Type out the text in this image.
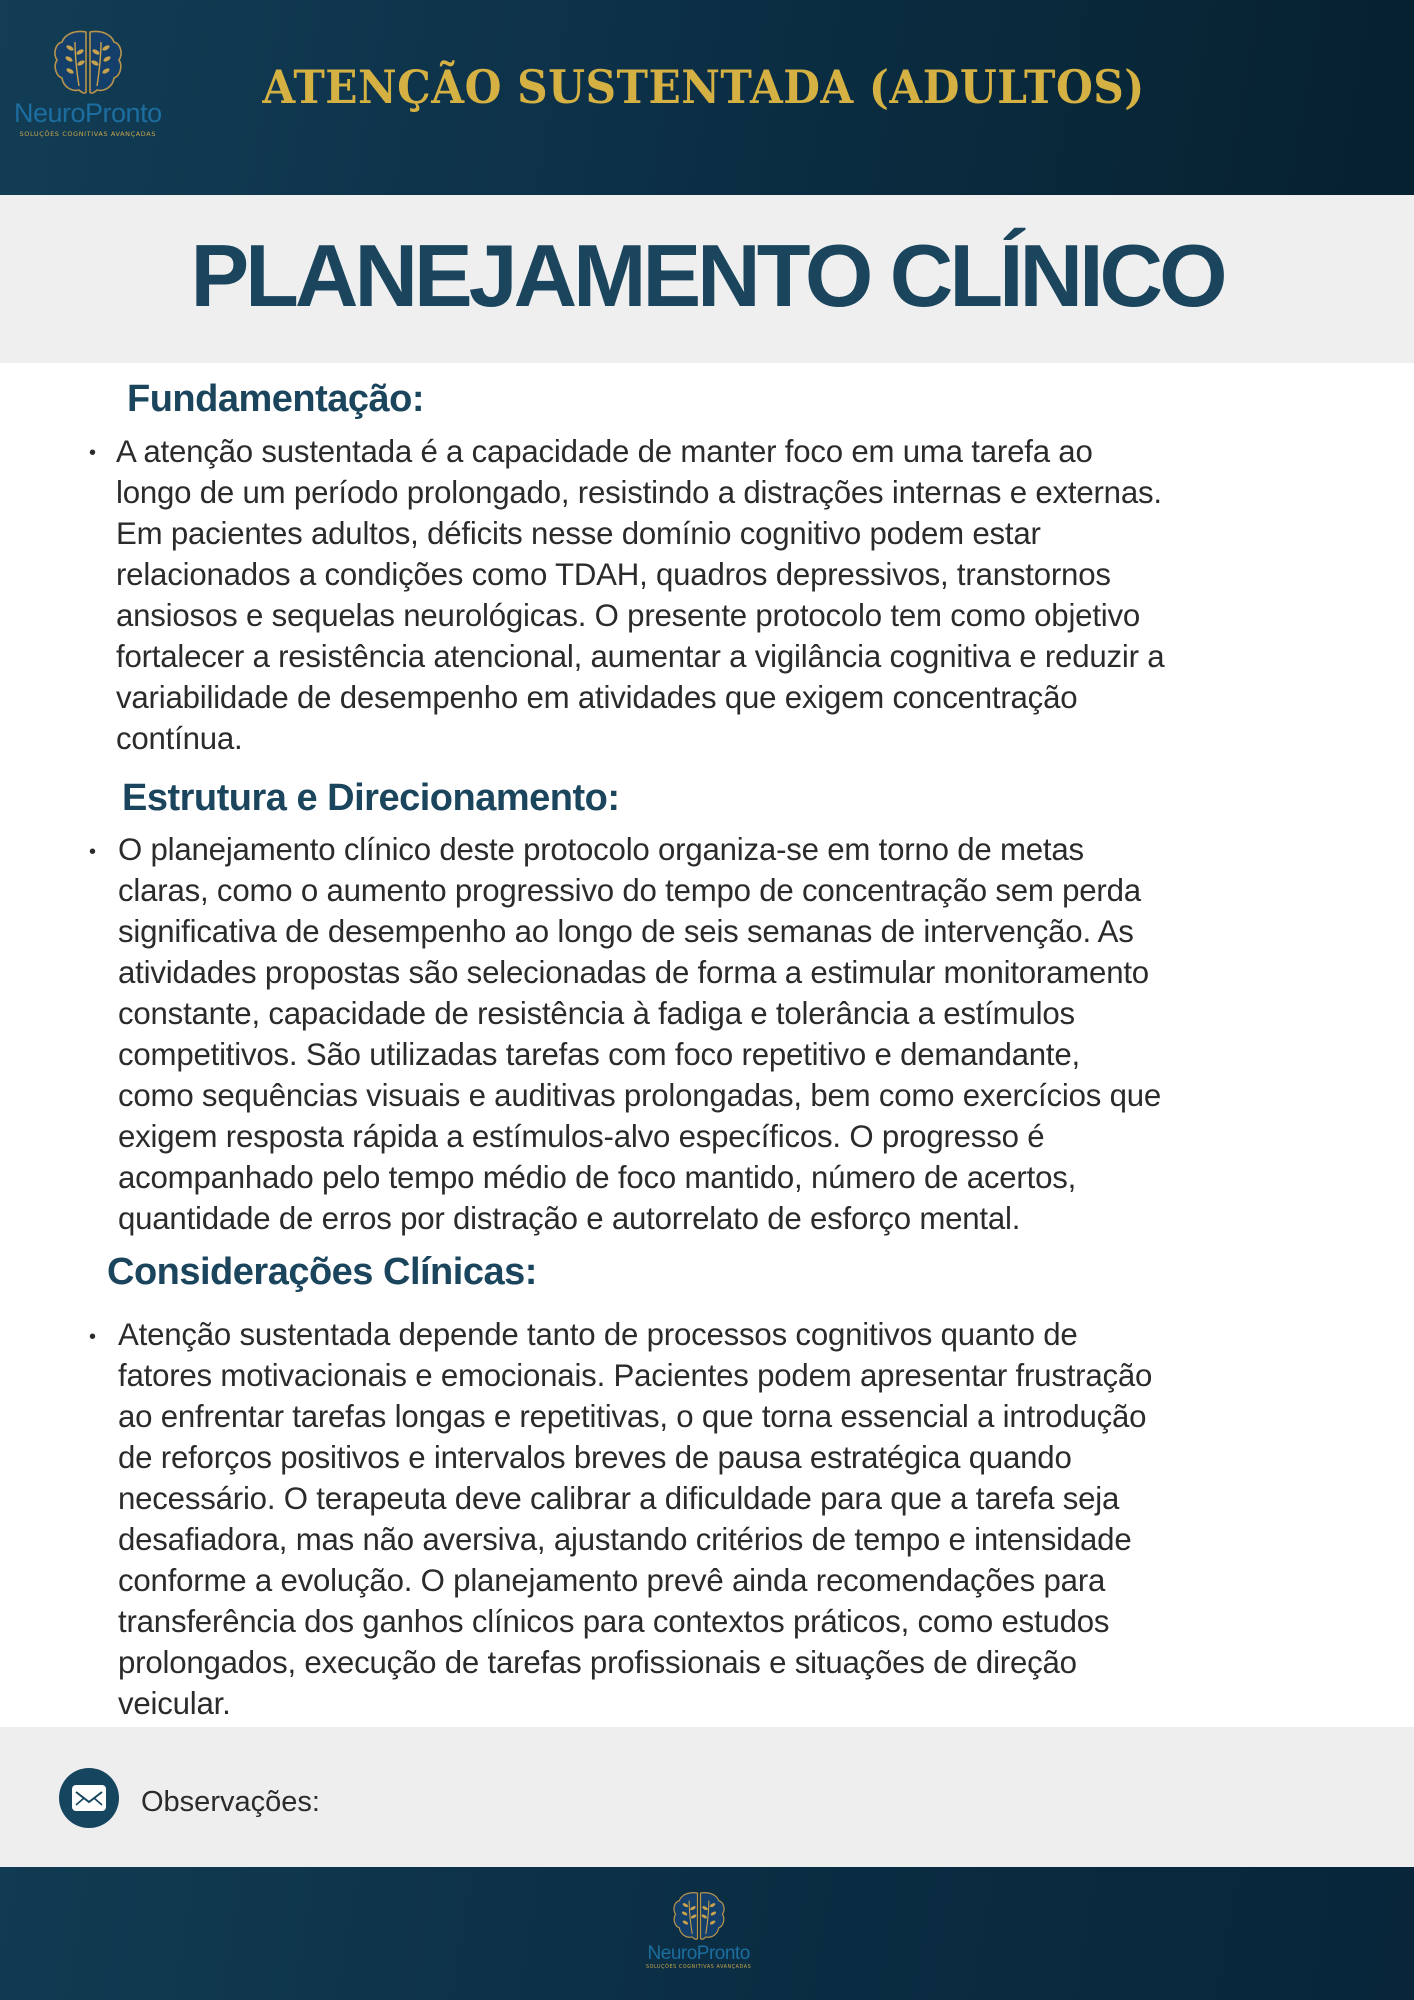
NeuroPronto
SOLUÇÕES COGNITIVAS AVANÇADAS
ATENÇÃO SUSTENTADA (ADULTOS)
PLANEJAMENTO CLÍNICO
Fundamentação:
• A atenção sustentada é a capacidade de manter foco em uma tarefa ao
longo de um período prolongado, resistindo a distrações internas e externas.
Em pacientes adultos, déficits nesse domínio cognitivo podem estar
relacionados a condições como TDAH, quadros depressivos, transtornos
ansiosos e sequelas neurológicas. O presente protocolo tem como objetivo
fortalecer a resistência atencional, aumentar a vigilância cognitiva e reduzir a
variabilidade de desempenho em atividades que exigem concentração
contínua.
Estrutura e Direcionamento:
• O planejamento clínico deste protocolo organiza-se em torno de metas
claras, como o aumento progressivo do tempo de concentração sem perda
significativa de desempenho ao longo de seis semanas de intervenção. As
atividades propostas são selecionadas de forma a estimular monitoramento
constante, capacidade de resistência à fadiga e tolerância a estímulos
competitivos. São utilizadas tarefas com foco repetitivo e demandante,
como sequências visuais e auditivas prolongadas, bem como exercícios que
exigem resposta rápida a estímulos-alvo específicos. O progresso é
acompanhado pelo tempo médio de foco mantido, número de acertos,
quantidade de erros por distração e autorrelato de esforço mental.
Considerações Clínicas:
• Atenção sustentada depende tanto de processos cognitivos quanto de
fatores motivacionais e emocionais. Pacientes podem apresentar frustração
ao enfrentar tarefas longas e repetitivas, o que torna essencial a introdução
de reforços positivos e intervalos breves de pausa estratégica quando
necessário. O terapeuta deve calibrar a dificuldade para que a tarefa seja
desafiadora, mas não aversiva, ajustando critérios de tempo e intensidade
conforme a evolução. O planejamento prevê ainda recomendações para
transferência dos ganhos clínicos para contextos práticos, como estudos
prolongados, execução de tarefas profissionais e situações de direção
veicular.
Observações:
NeuroPronto
SOLUÇÕES COGNITIVAS AVANÇADAS
